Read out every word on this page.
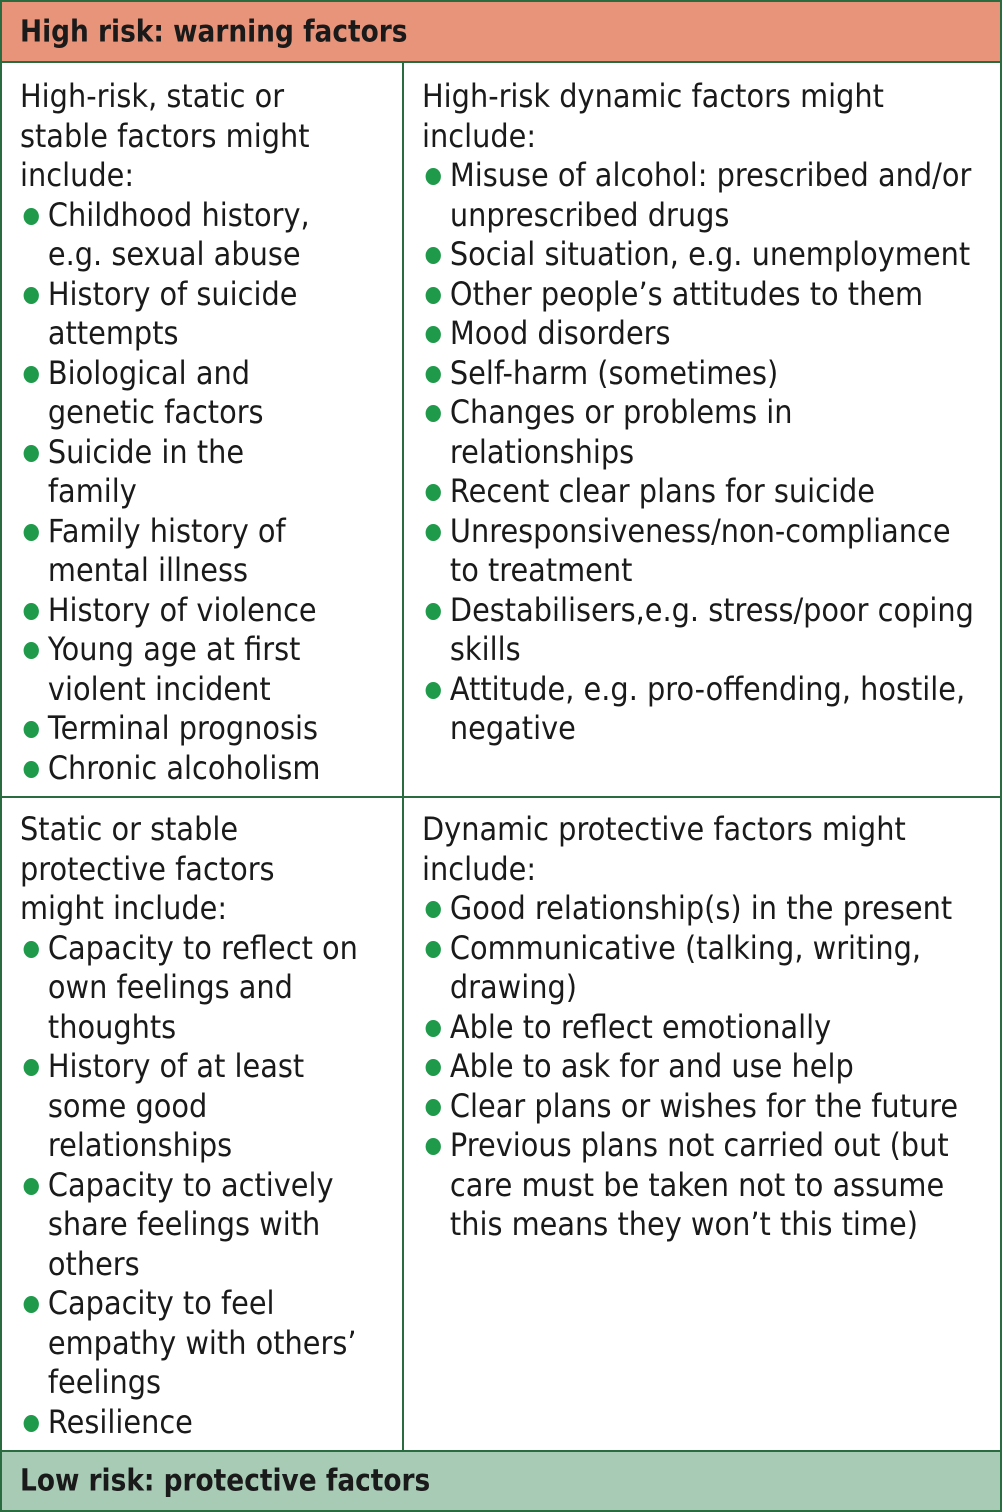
High risk: warning factors

High-risk, static or stable factors might include:

Childhood history, e.g. sexual abuse
History of suicide attempts
Biological and genetic factors
Suicide in the family
Family history of mental illness
History of violence
Young age at first violent incident
Terminal prognosis
Chronic alcoholism

High-risk dynamic factors might include:

Misuse of alcohol: prescribed and/or unprescribed drugs
Social situation, e.g. unemployment
Other people’s attitudes to them
Mood disorders
Self-harm (sometimes)
Changes or problems in relationships
Recent clear plans for suicide
Unresponsiveness/non-compliance to treatment
Destabilisers,e.g. stress/poor coping skills
Attitude, e.g. pro-offending, hostile, negative

Static or stable protective factors might include:

Capacity to reflect on own feelings and thoughts
History of at least some good relationships
Capacity to actively share feelings with others
Capacity to feel empathy with others’ feelings
Resilience

Dynamic protective factors might include:

Good relationship(s) in the present
Communicative (talking, writing, drawing)
Able to reflect emotionally
Able to ask for and use help
Clear plans or wishes for the future
Previous plans not carried out (but care must be taken not to assume this means they won’t this time)
Low risk: protective factors
